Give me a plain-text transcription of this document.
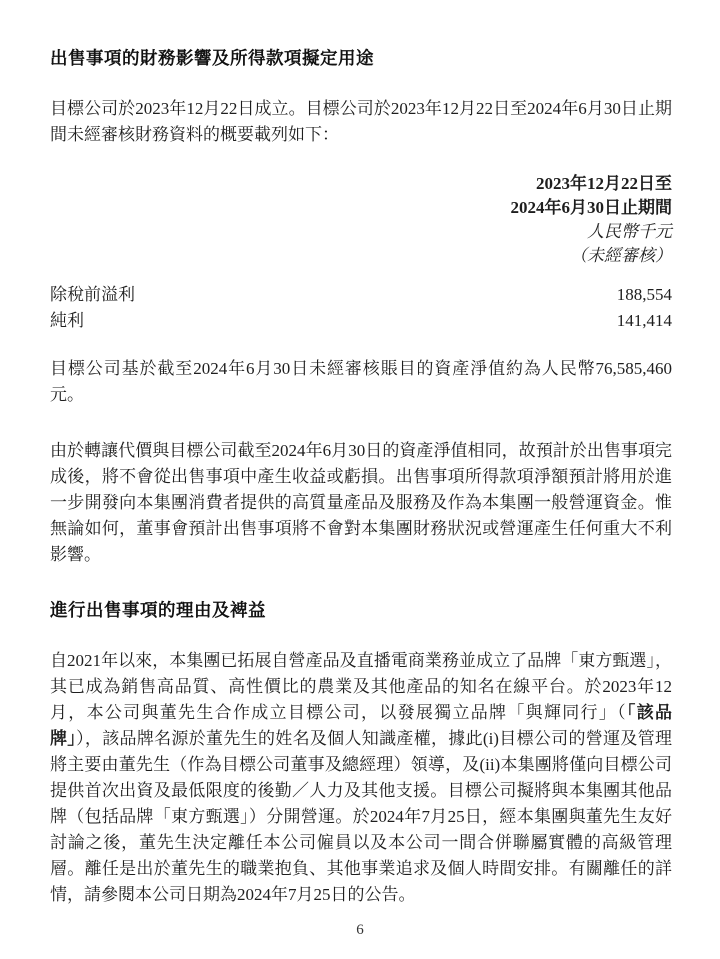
出售事項的財務影響及所得款項擬定用途

目標公司於2023年12月22日成立。目標公司於2023年12月22日至2024年6月30日止期間未經審核財務資料的概要載列如下：

2023年12月22日至
2024年6月30日止期間
人民幣千元
（未經審核）
除稅前溢利	188,554
純利	141,414

目標公司基於截至2024年6月30日未經審核賬目的資產淨值約為人民幣76,585,460元。

由於轉讓代價與目標公司截至2024年6月30日的資產淨值相同，故預計於出售事項完成後，將不會從出售事項中產生收益或虧損。出售事項所得款項淨額預計將用於進一步開發向本集團消費者提供的高質量產品及服務及作為本集團一般營運資金。惟無論如何，董事會預計出售事項將不會對本集團財務狀況或營運產生任何重大不利影響。

進行出售事項的理由及裨益

自2021年以來，本集團已拓展自營產品及直播電商業務並成立了品牌「東方甄選」，其已成為銷售高品質、高性價比的農業及其他產品的知名在線平台。於2023年12月，本公司與董先生合作成立目標公司，以發展獨立品牌「與輝同行」（「該品牌」），該品牌名源於董先生的姓名及個人知識產權，據此(i)目標公司的營運及管理將主要由董先生（作為目標公司董事及總經理）領導，及(ii)本集團將僅向目標公司提供首次出資及最低限度的後勤／人力及其他支援。目標公司擬將與本集團其他品牌（包括品牌「東方甄選」）分開營運。於2024年7月25日，經本集團與董先生友好討論之後，董先生決定離任本公司僱員以及本公司一間合併聯屬實體的高級管理層。離任是出於董先生的職業抱負、其他事業追求及個人時間安排。有關離任的詳情，請參閱本公司日期為2024年7月25日的公告。

6
